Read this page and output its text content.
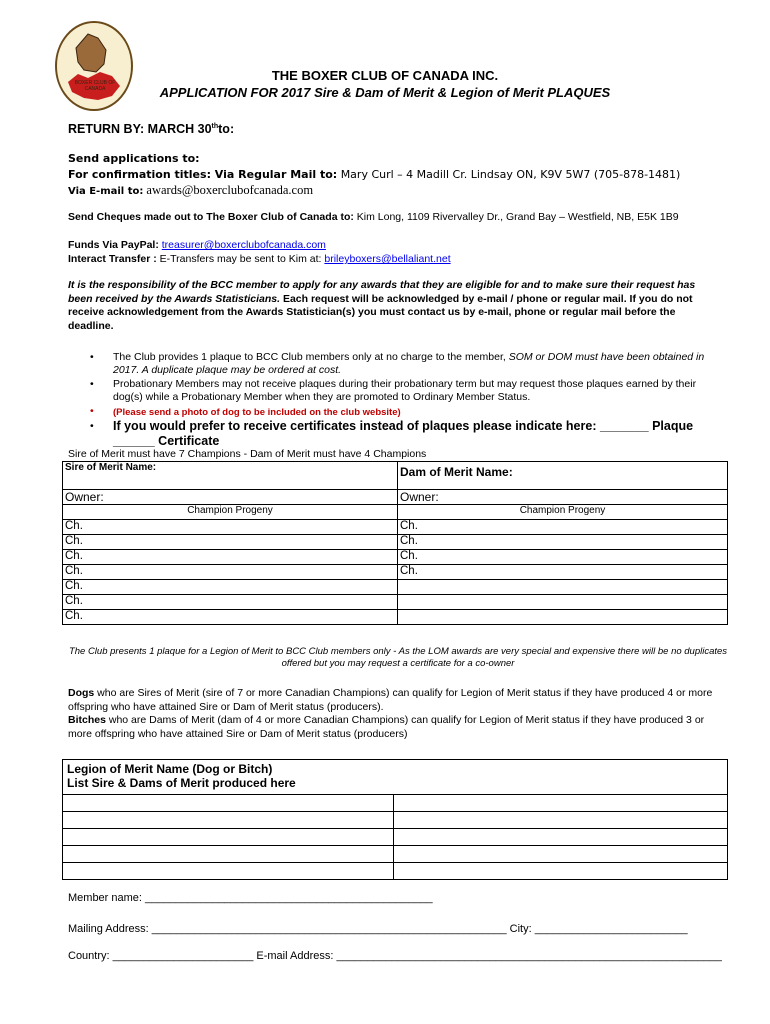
BOXER CLUB OF CANADA
THE BOXER CLUB OF CANADA INC.
APPLICATION FOR 2017 Sire & Dam of Merit & Legion of Merit PLAQUES
RETURN BY: MARCH 30thto:
Send applications to:
For confirmation titles: Via Regular Mail to: Mary Curl – 4 Madill Cr. Lindsay ON, K9V 5W7 (705-878-1481)
Via E-mail to: awards@boxerclubofcanada.com
Send Cheques made out to The Boxer Club of Canada to: Kim Long, 1109 Rivervalley Dr., Grand Bay – Westfield, NB, E5K 1B9
Funds Via PayPal: treasurer@boxerclubofcanada.com
Interact Transfer : E-Transfers may be sent to Kim at: brileyboxers@bellaliant.net
It is the responsibility of the BCC member to apply for any awards that they are eligible for and to make sure their request has been received by the Awards Statisticians. Each request will be acknowledged by e-mail / phone or regular mail. If you do not receive acknowledgement from the Awards Statistician(s) you must contact us by e-mail, phone or regular mail before the deadline.
• The Club provides 1 plaque to BCC Club members only at no charge to the member, SOM or DOM must have been obtained in 2017. A duplicate plaque may be ordered at cost.
• Probationary Members may not receive plaques during their probationary term but may request those plaques earned by their dog(s) while a Probationary Member when they are promoted to Ordinary Member Status.
• (Please send a photo of dog to be included on the club website)
• If you would prefer to receive certificates instead of plaques please indicate here: _______ Plaque ______ Certificate
Sire of Merit must have 7 Champions - Dam of Merit must have 4 Champions
Sire of Merit Name:	Dam of Merit Name:
Owner:	Owner:
Champion Progeny	Champion Progeny
Ch.	Ch.
Ch.	Ch.
Ch.	Ch.
Ch.	Ch.
Ch.	
Ch.	
Ch.	
The Club presents 1 plaque for a Legion of Merit to BCC Club members only - As the LOM awards are very special and expensive there will be no duplicates offered but you may request a certificate for a co-owner
Dogs who are Sires of Merit (sire of 7 or more Canadian Champions) can qualify for Legion of Merit status if they have produced 4 or more offspring who have attained Sire or Dam of Merit status (producers).
Bitches who are Dams of Merit (dam of 4 or more Canadian Champions) can qualify for Legion of Merit status if they have produced 3 or more offspring who have attained Sire or Dam of Merit status (producers)
Legion of Merit Name (Dog or Bitch)
List Sire & Dams of Merit produced here	

Member name: _______________________________________________
Mailing Address: __________________________________________________________ City: _________________________
Country: _______________________ E-mail Address: _______________________________________________________________
